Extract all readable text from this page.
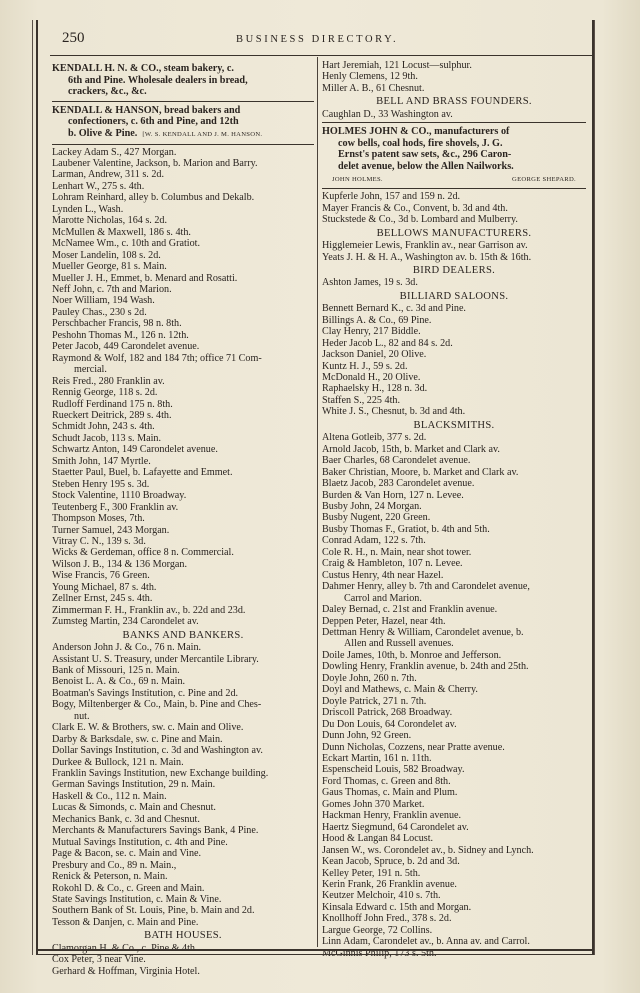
250	BUSINESS DIRECTORY.
KENDALL H. N. & CO., steam bakery, c.
6th and Pine. Wholesale dealers in bread,
crackers, &c., &c.
KENDALL & HANSON, bread bakers and
confectioners, c. 6th and Pine, and 12th
b. Olive & Pine. [W. S. KENDALL AND J. M. HANSON.
Lackey Adam S., 427 Morgan.
Laubener Valentine, Jackson, b. Marion and Barry.
Larman, Andrew, 311 s. 2d.
Lenhart W., 275 s. 4th.
Lohram Reinhard, alley b. Columbus and Dekalb.
Lynden L., Wash.
Marotte Nicholas, 164 s. 2d.
McMullen & Maxwell, 186 s. 4th.
McNamee Wm., c. 10th and Gratiot.
Moser Landelin, 108 s. 2d.
Mueller George, 81 s. Main.
Mueller J. H., Emmet, b. Menard and Rosatti.
Neff John, c. 7th and Marion.
Noer William, 194 Wash.
Pauley Chas., 230 s 2d.
Perschbacher Francis, 98 n. 8th.
Peshohn Thomas M., 126 n. 12th.
Peter Jacob, 449 Carondelet avenue.
Raymond & Wolf, 182 and 184 7th; office 71 Com-
mercial.
Reis Fred., 280 Franklin av.
Rennig George, 118 s. 2d.
Rudloff Ferdinand 175 n. 8th.
Rueckert Deitrick, 289 s. 4th.
Schmidt John, 243 s. 4th.
Schudt Jacob, 113 s. Main.
Schwartz Anton, 149 Carondelet avenue.
Smith John, 147 Myrtle.
Staetter Paul, Buel, b. Lafayette and Emmet.
Steben Henry 195 s. 3d.
Stock Valentine, 1110 Broadway.
Teutenberg F., 300 Franklin av.
Thompson Moses, 7th.
Turner Samuel, 243 Morgan.
Vitray C. N., 139 s. 3d.
Wicks & Gerdeman, office 8 n. Commercial.
Wilson J. B., 134 & 136 Morgan.
Wise Francis, 76 Green.
Young Michael, 87 s. 4th.
Zellner Ernst, 245 s. 4th.
Zimmerman F. H., Franklin av., b. 22d and 23d.
Zumsteg Martin, 234 Carondelet av.
BANKS AND BANKERS.
Anderson John J. & Co., 76 n. Main.
Assistant U. S. Treasury, under Mercantile Library.
Bank of Missouri, 125 n. Main.
Benoist L. A. & Co., 69 n. Main.
Boatman's Savings Institution, c. Pine and 2d.
Bogy, Miltenberger & Co., Main, b. Pine and Ches-
nut.
Clark E. W. & Brothers, sw. c. Main and Olive.
Darby & Barksdale, sw. c. Pine and Main.
Dollar Savings Institution, c. 3d and Washington av.
Durkee & Bullock, 121 n. Main.
Franklin Savings Institution, new Exchange building.
German Savings Institution, 29 n. Main.
Haskell & Co., 112 n. Main.
Lucas & Simonds, c. Main and Chesnut.
Mechanics Bank, c. 3d and Chesnut.
Merchants & Manufacturers Savings Bank, 4 Pine.
Mutual Savings Institution, c. 4th and Pine.
Page & Bacon, se. c. Main and Vine.
Presbury and Co., 89 n. Main.,
Renick & Peterson, n. Main.
Rokohl D. & Co., c. Green and Main.
State Savings Institution, c. Main & Vine.
Southern Bank of St. Louis, Pine, b. Main and 2d.
Tesson & Danjen, c. Main and Pine.
BATH HOUSES.
Clamorgan H. & Co., c. Pine & 4th.
Cox Peter, 3 near Vine.
Gerhard & Hoffman, Virginia Hotel.
Hart Jeremiah, 121 Locust—sulphur.
Henly Clemens, 12 9th.
Miller A. B., 61 Chesnut.
BELL AND BRASS FOUNDERS.
Caughlan D., 33 Washington av.
HOLMES JOHN & CO., manufacturers of
cow bells, coal hods, fire shovels, J. G.
Ernst's patent saw sets, &c., 296 Caron-
delet avenue, below the Allen Nailworks.
JOHN HOLMES.	GEORGE SHEPARD.
Kupferle John, 157 and 159 n. 2d.
Mayer Francis & Co., Convent, b. 3d and 4th.
Stuckstede & Co., 3d b. Lombard and Mulberry.
BELLOWS MANUFACTURERS.
Higglemeier Lewis, Franklin av., near Garrison av.
Yeats J. H. & H. A., Washington av. b. 15th & 16th.
BIRD DEALERS.
Ashton James, 19 s. 3d.
BILLIARD SALOONS.
Bennett Bernard K., c. 3d and Pine.
Billings A. & Co., 69 Pine.
Clay Henry, 217 Biddle.
Heder Jacob L., 82 and 84 s. 2d.
Jackson Daniel, 20 Olive.
Kuntz H. J., 59 s. 2d.
McDonald H., 20 Olive.
Raphaelsky H., 128 n. 3d.
Staffen S., 225 4th.
White J. S., Chesnut, b. 3d and 4th.
BLACKSMITHS.
Altena Gotleib, 377 s. 2d.
Arnold Jacob, 15th, b. Market and Clark av.
Baer Charles, 68 Carondelet avenue.
Baker Christian, Moore, b. Market and Clark av.
Blaetz Jacob, 283 Carondelet avenue.
Burden & Van Horn, 127 n. Levee.
Busby John, 24 Morgan.
Busby Nugent, 220 Green.
Busby Thomas F., Gratiot, b. 4th and 5th.
Conrad Adam, 122 s. 7th.
Cole R. H., n. Main, near shot tower.
Craig & Hambleton, 107 n. Levee.
Custus Henry, 4th near Hazel.
Dahmer Henry, alley b. 7th and Carondelet avenue,
Carrol and Marion.
Daley Bernad, c. 21st and Franklin avenue.
Deppen Peter, Hazel, near 4th.
Dettman Henry & William, Carondelet avenue, b.
Allen and Russell avenues.
Doile James, 10th, b. Monroe and Jefferson.
Dowling Henry, Franklin avenue, b. 24th and 25th.
Doyle John, 260 n. 7th.
Doyl and Mathews, c. Main & Cherry.
Doyle Patrick, 271 n. 7th.
Driscoll Patrick, 268 Broadway.
Du Don Louis, 64 Corondelet av.
Dunn John, 92 Green.
Dunn Nicholas, Cozzens, near Pratte avenue.
Eckart Martin, 161 n. 11th.
Espenscheid Louis, 582 Broadway.
Ford Thomas, c. Green and 8th.
Gaus Thomas, c. Main and Plum.
Gomes John 370 Market.
Hackman Henry, Franklin avenue.
Haertz Siegmund, 64 Carondelet av.
Hood & Langan 84 Locust.
Jansen W., ws. Corondelet av., b. Sidney and Lynch.
Kean Jacob, Spruce, b. 2d and 3d.
Kelley Peter, 191 n. 5th.
Kerin Frank, 26 Franklin avenue.
Keutzer Melchoir, 410 s. 7th.
Kinsala Edward c. 15th and Morgan.
Knollhoff John Fred., 378 s. 2d.
Largue George, 72 Collins.
Linn Adam, Carondelet av., b. Anna av. and Carrol.
McGinnis Philip, 173 s. 5th.
